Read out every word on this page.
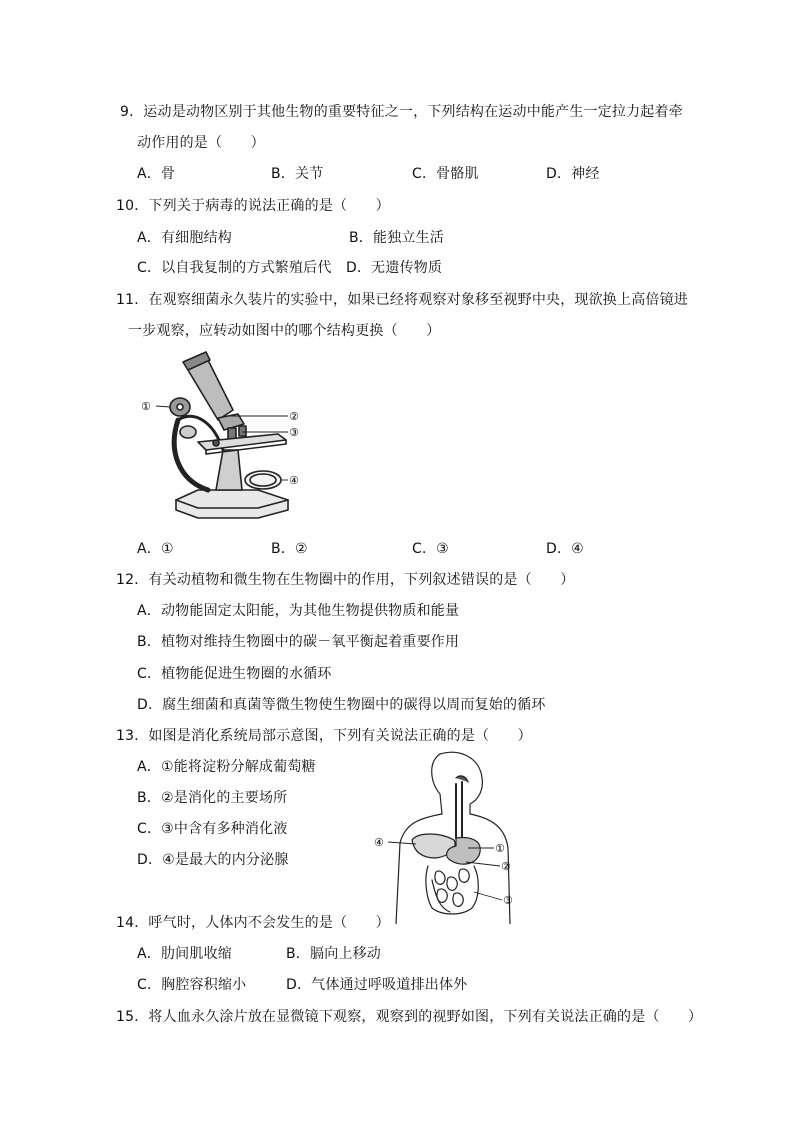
9．运动是动物区别于其他生物的重要特征之一，下列结构在运动中能产生一定拉力起着牵
动作用的是（　　）
A．骨	B．关节	C．骨骼肌	D．神经
10．下列关于病毒的说法正确的是（　　）
A．有细胞结构	B．能独立生活
C．以自我复制的方式繁殖后代 D．无遗传物质
11．在观察细菌永久装片的实验中，如果已经将观察对象移至视野中央，现欲换上高倍镜进
一步观察，应转动如图中的哪个结构更换（　　）
①
②
③
④
A．①	B．②	C．③	D．④
12．有关动植物和微生物在生物圈中的作用，下列叙述错误的是（　　）
A．动物能固定太阳能，为其他生物提供物质和能量
B．植物对维持生物圈中的碳－氧平衡起着重要作用
C．植物能促进生物圈的水循环
D．腐生细菌和真菌等微生物使生物圈中的碳得以周而复始的循环
13．如图是消化系统局部示意图，下列有关说法正确的是（　　）
A．①能将淀粉分解成葡萄糖
B．②是消化的主要场所
C．③中含有多种消化液
D．④是最大的内分泌腺
④	①
②
③
14．呼气时，人体内不会发生的是（　　）
A．肋间肌收缩	B．膈向上移动
C．胸腔容积缩小	D．气体通过呼吸道排出体外
15．将人血永久涂片放在显微镜下观察，观察到的视野如图，下列有关说法正确的是（　　）
